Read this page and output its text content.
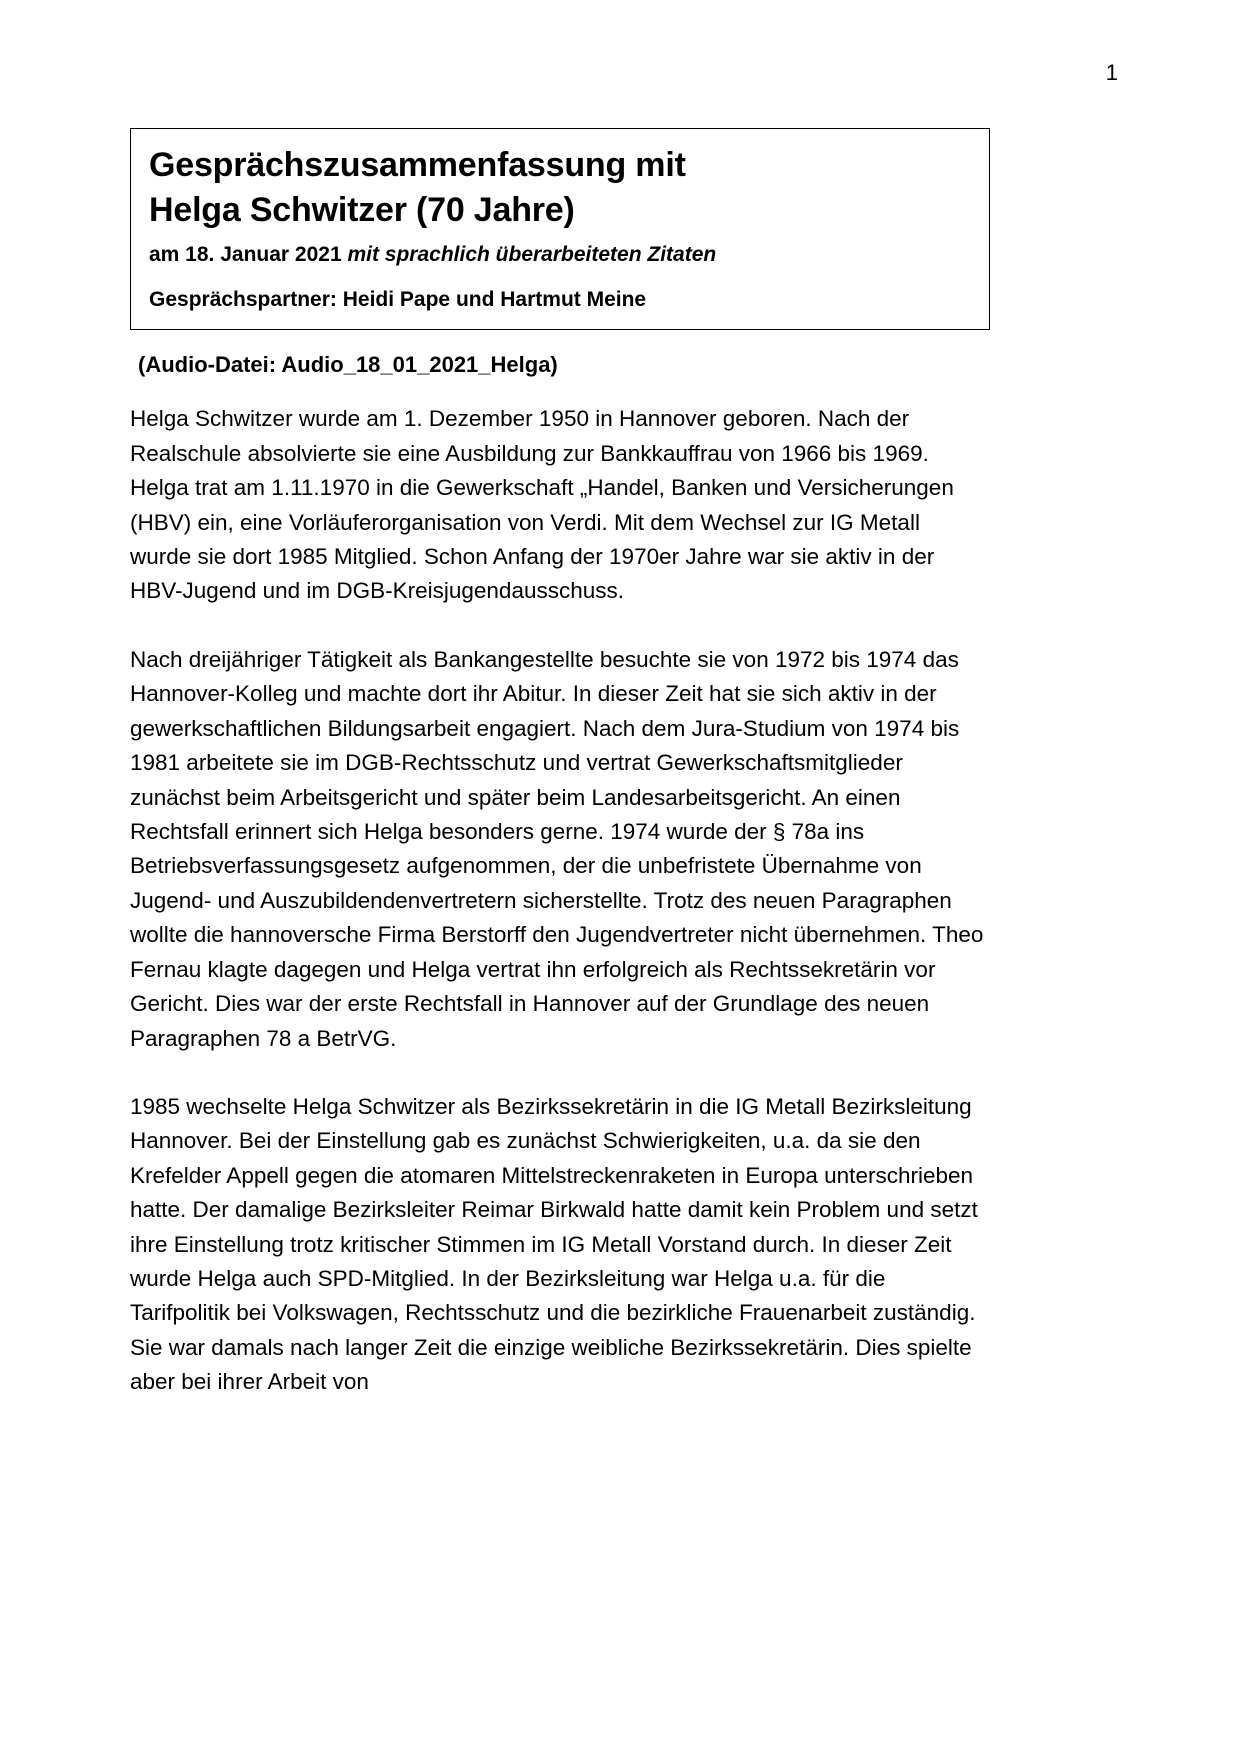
1
Gesprächszusammenfassung mit
Helga Schwitzer (70 Jahre)
am 18. Januar 2021 mit sprachlich überarbeiteten Zitaten
Gesprächspartner: Heidi Pape und Hartmut Meine
(Audio-Datei: Audio_18_01_2021_Helga)

Helga Schwitzer wurde am 1. Dezember 1950 in Hannover geboren. Nach der Realschule absolvierte sie eine Ausbildung zur Bankkauffrau von 1966 bis 1969. Helga trat am 1.11.1970 in die Gewerkschaft „Handel, Banken und Versicherungen (HBV) ein, eine Vorläuferorganisation von Verdi. Mit dem Wechsel zur IG Metall wurde sie dort 1985 Mitglied. Schon Anfang der 1970er Jahre war sie aktiv in der HBV-Jugend und im DGB-Kreisjugendausschuss.

Nach dreijähriger Tätigkeit als Bankangestellte besuchte sie von 1972 bis 1974 das Hannover-Kolleg und machte dort ihr Abitur. In dieser Zeit hat sie sich aktiv in der gewerkschaftlichen Bildungsarbeit engagiert. Nach dem Jura-Studium von 1974 bis 1981 arbeitete sie im DGB-Rechtsschutz und vertrat Gewerkschaftsmitglieder zunächst beim Arbeitsgericht und später beim Landesarbeitsgericht. An einen Rechtsfall erinnert sich Helga besonders gerne. 1974 wurde der § 78a ins Betriebsverfassungsgesetz aufgenommen, der die unbefristete Übernahme von Jugend- und Auszubildendenvertretern sicherstellte. Trotz des neuen Paragraphen wollte die hannoversche Firma Berstorff den Jugendvertreter nicht übernehmen. Theo Fernau klagte dagegen und Helga vertrat ihn erfolgreich als Rechtssekretärin vor Gericht. Dies war der erste Rechtsfall in Hannover auf der Grundlage des neuen Paragraphen 78 a BetrVG.

1985 wechselte Helga Schwitzer als Bezirkssekretärin in die IG Metall Bezirksleitung Hannover. Bei der Einstellung gab es zunächst Schwierigkeiten, u.a. da sie den Krefelder Appell gegen die atomaren Mittelstreckenraketen in Europa unterschrieben hatte. Der damalige Bezirksleiter Reimar Birkwald hatte damit kein Problem und setzt ihre Einstellung trotz kritischer Stimmen im IG Metall Vorstand durch. In dieser Zeit wurde Helga auch SPD-Mitglied. In der Bezirksleitung war Helga u.a. für die Tarifpolitik bei Volkswagen, Rechtsschutz und die bezirkliche Frauenarbeit zuständig. Sie war damals nach langer Zeit die einzige weibliche Bezirkssekretärin. Dies spielte aber bei ihrer Arbeit von
